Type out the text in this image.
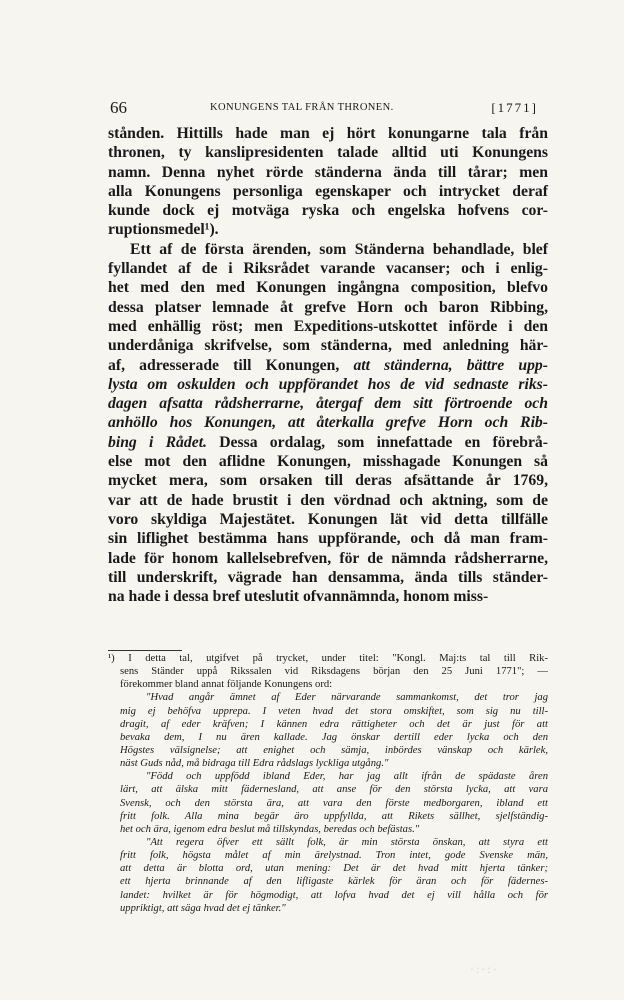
66	KONUNGENS TAL FRÅN THRONEN.	[1771]
stånden. Hittills hade man ej hört konungarne tala från
thronen, ty kanslipresidenten talade alltid uti Konungens
namn. Denna nyhet rörde ständerna ända till tårar; men
alla Konungens personliga egenskaper och intrycket deraf
kunde dock ej motväga ryska och engelska hofvens cor-
ruptionsmedel¹).
Ett af de första ärenden, som Ständerna behandlade, blef
fyllandet af de i Riksrådet varande vacanser; och i enlig-
het med den med Konungen ingångna composition, blefvo
dessa platser lemnade åt grefve Horn och baron Ribbing,
med enhällig röst; men Expeditions-utskottet införde i den
underdåniga skrifvelse, som ständerna, med anledning här-
af, adresserade till Konungen, att ständerna, bättre upp-
lysta om oskulden och uppförandet hos de vid sednaste riks-
dagen afsatta rådsherrarne, återgaf dem sitt förtroende och
anhöllo hos Konungen, att återkalla grefve Horn och Rib-
bing i Rådet. Dessa ordalag, som innefattade en förebrå-
else mot den aflidne Konungen, misshagade Konungen så
mycket mera, som orsaken till deras afsättande år 1769,
var att de hade brustit i den vördnad och aktning, som de
voro skyldiga Majestätet. Konungen lät vid detta tillfälle
sin liflighet bestämma hans uppförande, och då man fram-
lade för honom kallelsebrefven, för de nämnda rådsherrarne,
till underskrift, vägrade han densamma, ända tills ständer-
na hade i dessa bref uteslutit ofvannämnda, honom miss-
¹) I detta tal, utgifvet på trycket, under titel: "Kongl. Maj:ts tal till Rik-
sens Ständer uppå Rikssalen vid Riksdagens början den 25 Juni 1771"; —
förekommer bland annat följande Konungens ord:
"Hvad angår ämnet af Eder närvarande sammankomst, det tror jag
mig ej behöfva upprepa. I veten hvad det stora omskiftet, som sig nu till-
dragit, af eder kräfven; I kännen edra rättigheter och det är just för att
bevaka dem, I nu ären kallade. Jag önskar dertill eder lycka och den
Högstes välsignelse; att enighet och sämja, inbördes vänskap och kärlek,
näst Guds nåd, må bidraga till Edra rådslags lyckliga utgång."
"Född och uppfödd ibland Eder, har jag allt ifrån de spädaste åren
lärt, att älska mitt fädernesland, att anse för den största lycka, att vara
Svensk, och den största ära, att vara den förste medborgaren, ibland ett
fritt folk. Alla mina begär äro uppfyllda, att Rikets sällhet, sjelfständig-
het och ära, igenom edra beslut må tillskyndas, beredas och befästas."
"Att regera öfver ett sällt folk, är min största önskan, att styra ett
fritt folk, högsta målet af min ärelystnad. Tron intet, gode Svenske män,
att detta är blotta ord, utan mening: Det är det hvad mitt hjerta tänker;
ett hjerta brinnande af den lifligaste kärlek för äran och för fädernes-
landet: hvilket är för högmodigt, att lofva hvad det ej vill hålla och för
uppriktigt, att säga hvad det ej tänker."
·:·:·
